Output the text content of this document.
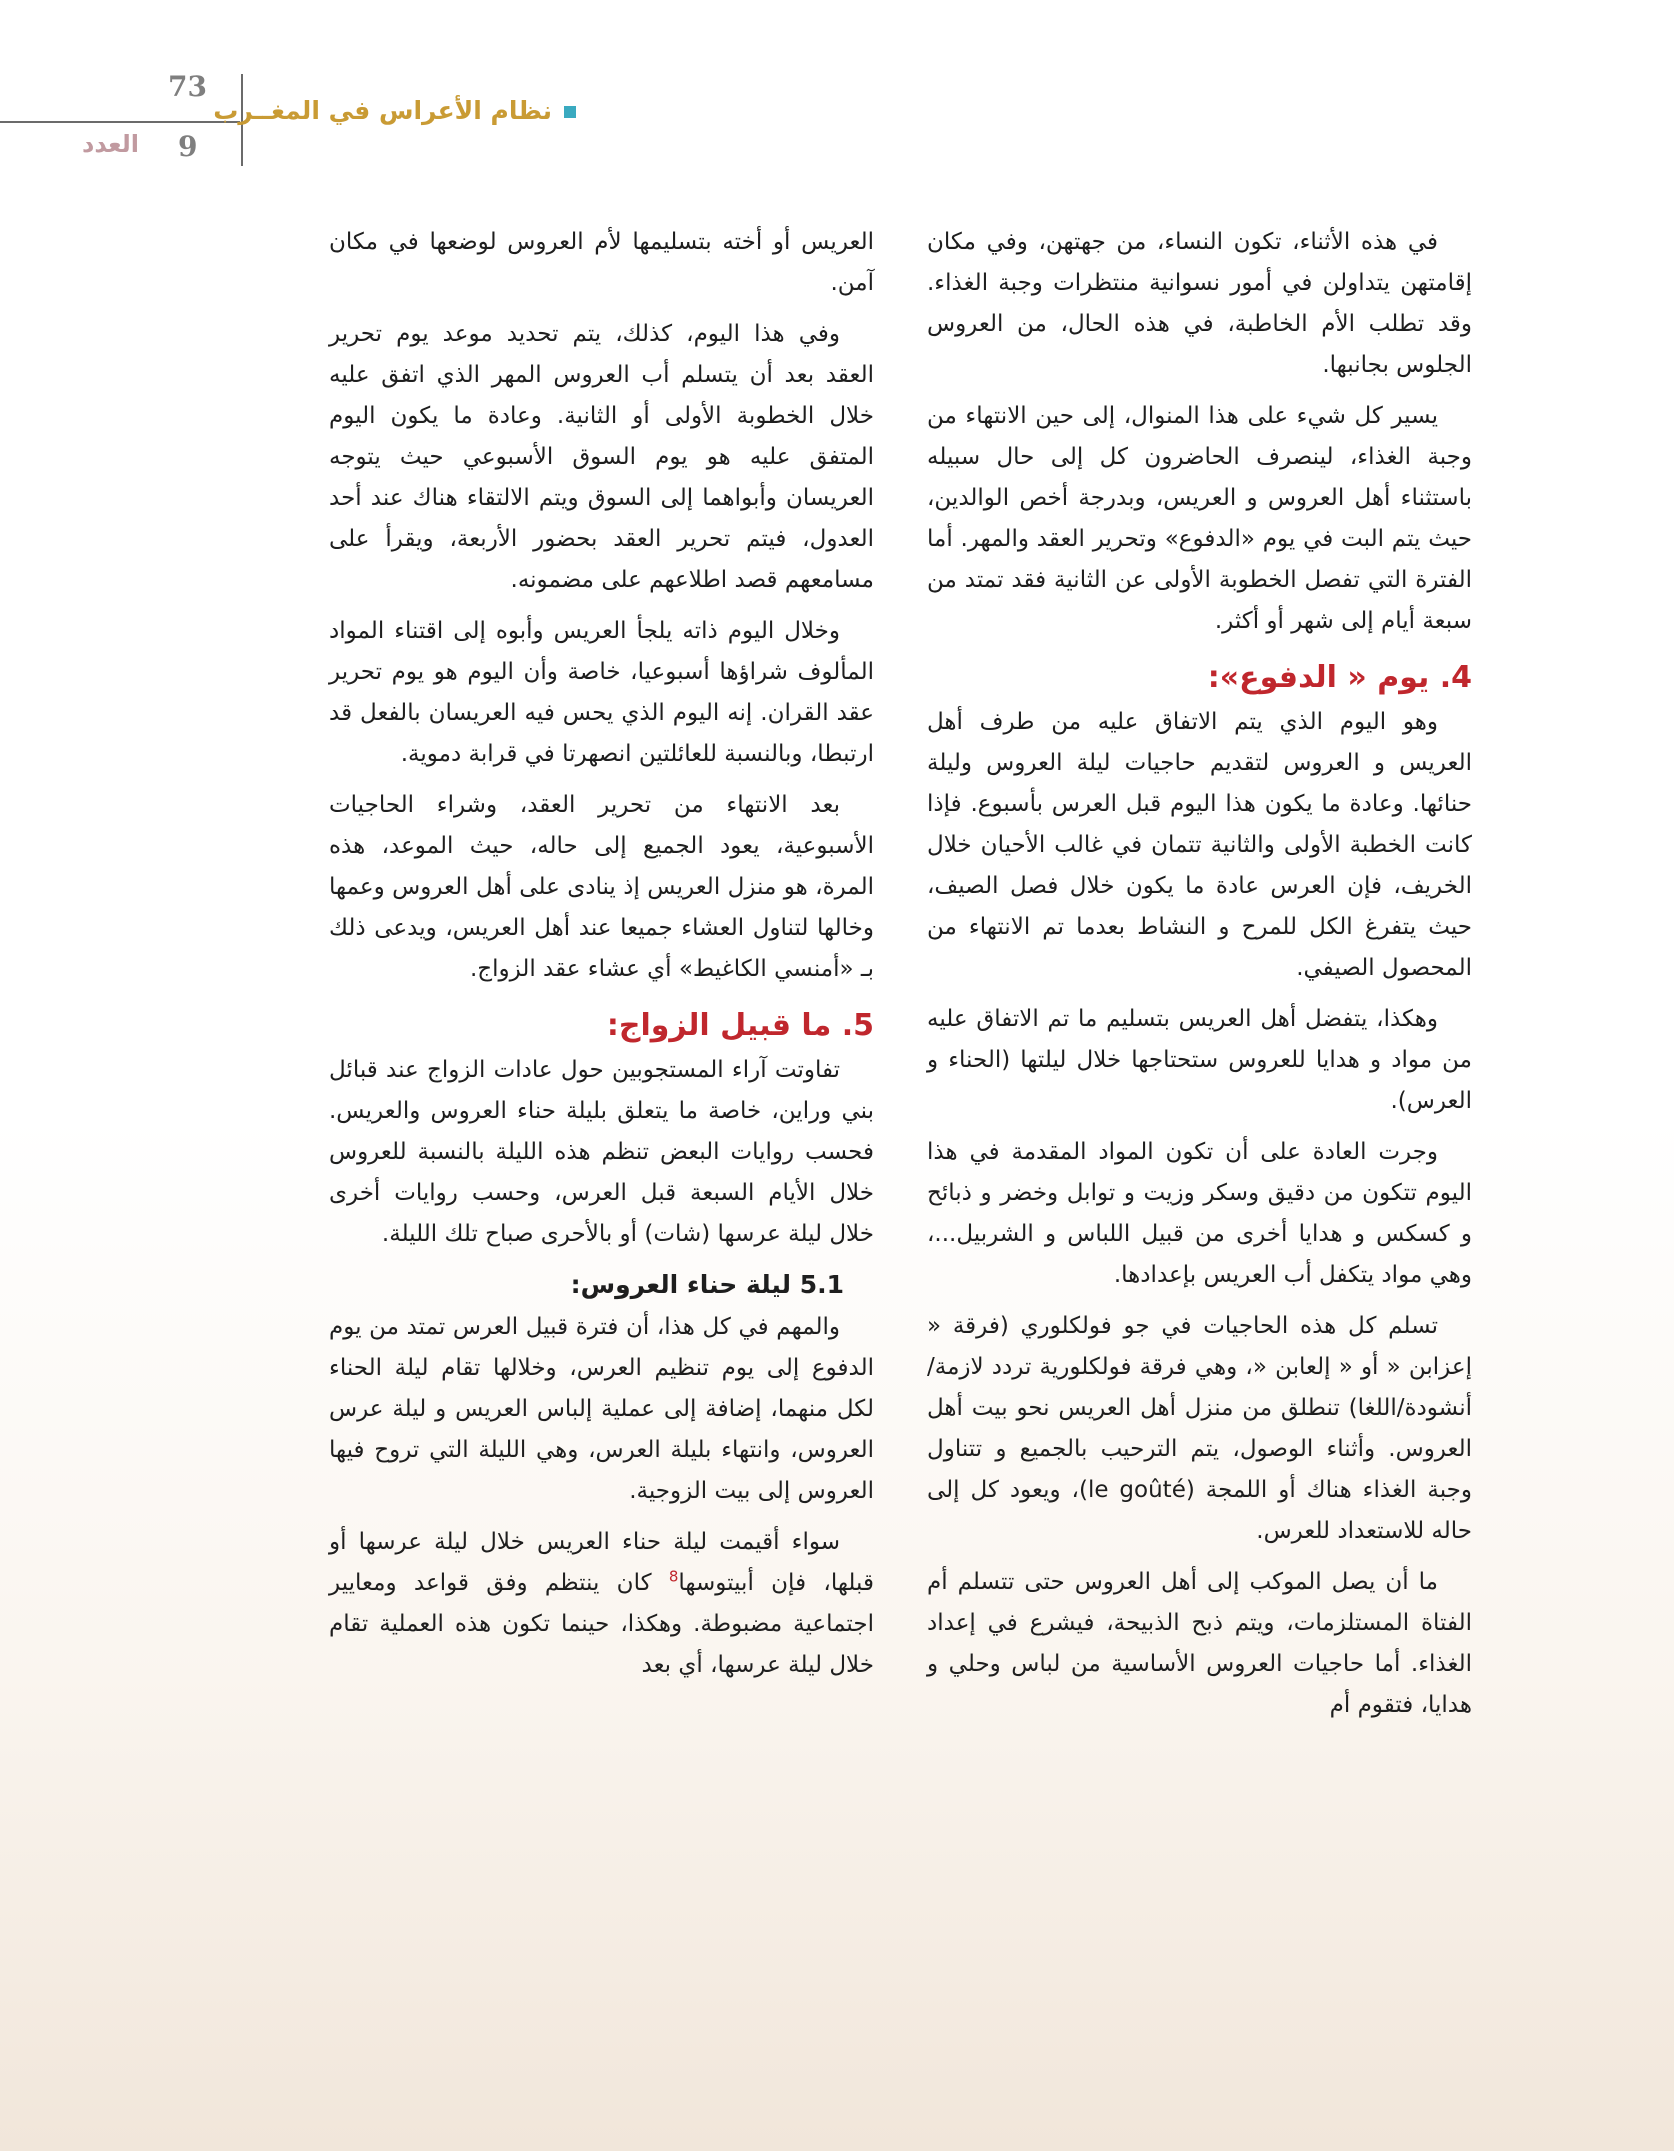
73
9
العدد
نظام الأعراس في المغــرب

في هذه الأثناء، تكون النساء، من جهتهن، وفي مكان إقامتهن يتداولن في أمور نسوانية منتظرات وجبة الغذاء. وقد تطلب الأم الخاطبة، في هذه الحال، من العروس الجلوس بجانبها.

يسير كل شيء على هذا المنوال، إلى حين الانتهاء من وجبة الغذاء، لينصرف الحاضرون كل إلى حال سبيله باستثناء أهل العروس و العريس، وبدرجة أخص الوالدين، حيث يتم البت في يوم «الدفوع» وتحرير العقد والمهر. أما الفترة التي تفصل الخطوبة الأولى عن الثانية فقد تمتد من سبعة أيام إلى شهر أو أكثر.

4. يوم « الدفوع»:

وهو اليوم الذي يتم الاتفاق عليه من طرف أهل العريس و العروس لتقديم حاجيات ليلة العروس وليلة حنائها. وعادة ما يكون هذا اليوم قبل العرس بأسبوع. فإذا كانت الخطبة الأولى والثانية تتمان في غالب الأحيان خلال الخريف، فإن العرس عادة ما يكون خلال فصل الصيف، حيث يتفرغ الكل للمرح و النشاط بعدما تم الانتهاء من المحصول الصيفي.

وهكذا، يتفضل أهل العريس بتسليم ما تم الاتفاق عليه من مواد و هدايا للعروس ستحتاجها خلال ليلتها (الحناء و العرس).

وجرت العادة على أن تكون المواد المقدمة في هذا اليوم تتكون من دقيق وسكر وزيت و توابل وخضر و ذبائح و كسكس و هدايا أخرى من قبيل اللباس و الشربيل...، وهي مواد يتكفل أب العريس بإعدادها.

تسلم كل هذه الحاجيات في جو فولكلوري (فرقة « إعزابن « أو « إلعابن «، وهي فرقة فولكلورية تردد لازمة/أنشودة/اللغا) تنطلق من منزل أهل العريس نحو بيت أهل العروس. وأثناء الوصول، يتم الترحيب بالجميع و تتناول وجبة الغذاء هناك أو اللمجة (le goûté)، ويعود كل إلى حاله للاستعداد للعرس.

ما أن يصل الموكب إلى أهل العروس حتى تتسلم أم الفتاة المستلزمات، ويتم ذبح الذبيحة، فيشرع في إعداد الغذاء. أما حاجيات العروس الأساسية من لباس وحلي و هدايا، فتقوم أم

العريس أو أخته بتسليمها لأم العروس لوضعها في مكان آمن.

وفي هذا اليوم، كذلك، يتم تحديد موعد يوم تحرير العقد بعد أن يتسلم أب العروس المهر الذي اتفق عليه خلال الخطوبة الأولى أو الثانية. وعادة ما يكون اليوم المتفق عليه هو يوم السوق الأسبوعي حيث يتوجه العريسان وأبواهما إلى السوق ويتم الالتقاء هناك عند أحد العدول، فيتم تحرير العقد بحضور الأربعة، ويقرأ على مسامعهم قصد اطلاعهم على مضمونه.

وخلال اليوم ذاته يلجأ العريس وأبوه إلى اقتناء المواد المألوف شراؤها أسبوعيا، خاصة وأن اليوم هو يوم تحرير عقد القران. إنه اليوم الذي يحس فيه العريسان بالفعل قد ارتبطا، وبالنسبة للعائلتين انصهرتا في قرابة دموية.

بعد الانتهاء من تحرير العقد، وشراء الحاجيات الأسبوعية، يعود الجميع إلى حاله، حيث الموعد، هذه المرة، هو منزل العريس إذ ينادى على أهل العروس وعمها وخالها لتناول العشاء جميعا عند أهل العريس، ويدعى ذلك بـ «أمنسي الكاغيط» أي عشاء عقد الزواج.

5. ما قبيل الزواج:

تفاوتت آراء المستجوبين حول عادات الزواج عند قبائل بني وراين، خاصة ما يتعلق بليلة حناء العروس والعريس. فحسب روايات البعض تنظم هذه الليلة بالنسبة للعروس خلال الأيام السبعة قبل العرس، وحسب روايات أخرى خلال ليلة عرسها (شات) أو بالأحرى صباح تلك الليلة.

5.1 ليلة حناء العروس:

والمهم في كل هذا، أن فترة قبيل العرس تمتد من يوم الدفوع إلى يوم تنظيم العرس، وخلالها تقام ليلة الحناء لكل منهما، إضافة إلى عملية إلباس العريس و ليلة عرس العروس، وانتهاء بليلة العرس، وهي الليلة التي تروح فيها العروس إلى بيت الزوجية.

سواء أقيمت ليلة حناء العريس خلال ليلة عرسها أو قبلها، فإن أبيتوسها$^8$ كان ينتظم وفق قواعد ومعايير اجتماعية مضبوطة. وهكذا، حينما تكون هذه العملية تقام خلال ليلة عرسها، أي بعد
